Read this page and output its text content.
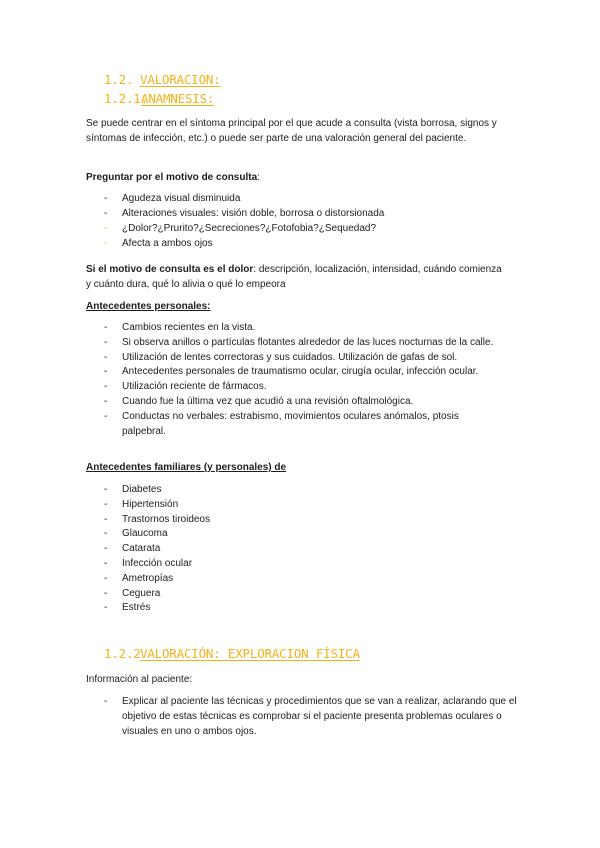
1.2. VALORACION:
1.2.1.ANAMNESIS:

Se puede centrar en el síntoma principal por el que acude a consulta (vista borrosa, signos y síntomas de infección, etc.) o puede ser parte de una valoración general del paciente.

Preguntar por el motivo de consulta:

- Agudeza visual disminuida
- Alteraciones visuales: visión doble, borrosa o distorsionada
- ¿Dolor?¿Prurito?¿Secreciones?¿Fotofobia?¿Sequedad?
- Afecta a ambos ojos

Si el motivo de consulta es el dolor: descripción, localización, intensidad, cuándo comienza y cuánto dura, qué lo alivia o qué lo empeora

Antecedentes personales:

- Cambios recientes en la vista.
- Si observa anillos o partículas flotantes alrededor de las luces nocturnas de la calle.
- Utilización de lentes correctoras y sus cuidados. Utilización de gafas de sol.
- Antecedentes personales de traumatismo ocular, cirugía ocular, infección ocular.
- Utilización reciente de fármacos.
- Cuando fue la última vez que acudió a una revisión oftalmológica.
- Conductas no verbales: estrabismo, movimientos oculares anómalos, ptosis palpebral.

Antecedentes familiares (y personales) de

- Diabetes
- Hipertensión
- Trastornos tiroideos
- Glaucoma
- Catarata
- Infección ocular
- Ametropías
- Ceguera
- Estrés
1.2.2VALORACIÓN: EXPLORACION FÍSICA

Información al paciente:

- Explicar al paciente las técnicas y procedimientos que se van a realizar, aclarando que el objetivo de estas técnicas es comprobar si el paciente presenta problemas oculares o visuales en uno o ambos ojos.
